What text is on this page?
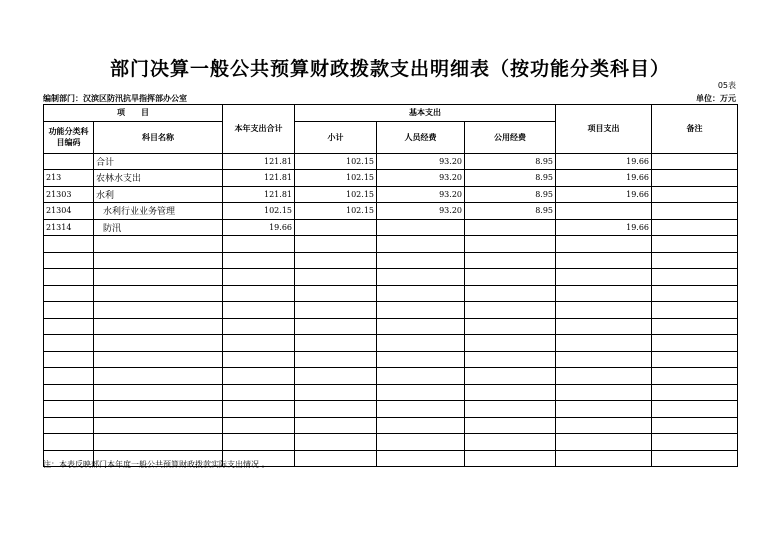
部门决算一般公共预算财政拨款支出明细表（按功能分类科目）
05表
编制部门：汉滨区防汛抗旱指挥部办公室	单位：万元
项　　目		本年支出合计	基本支出			项目支出	备注
功能分类科目编码	科目名称		小计	人员经费	公用经费		
	合计	121.81	102.15	93.20	8.95	19.66	
213	农林水支出	121.81	102.15	93.20	8.95	19.66	
21303	水利	121.81	102.15	93.20	8.95	19.66	
21304	水利行业业务管理	102.15	102.15	93.20	8.95		
21314	防汛	19.66				19.66	

注：本表反映部门本年度一般公共预算财政拨款实际支出情况 。
